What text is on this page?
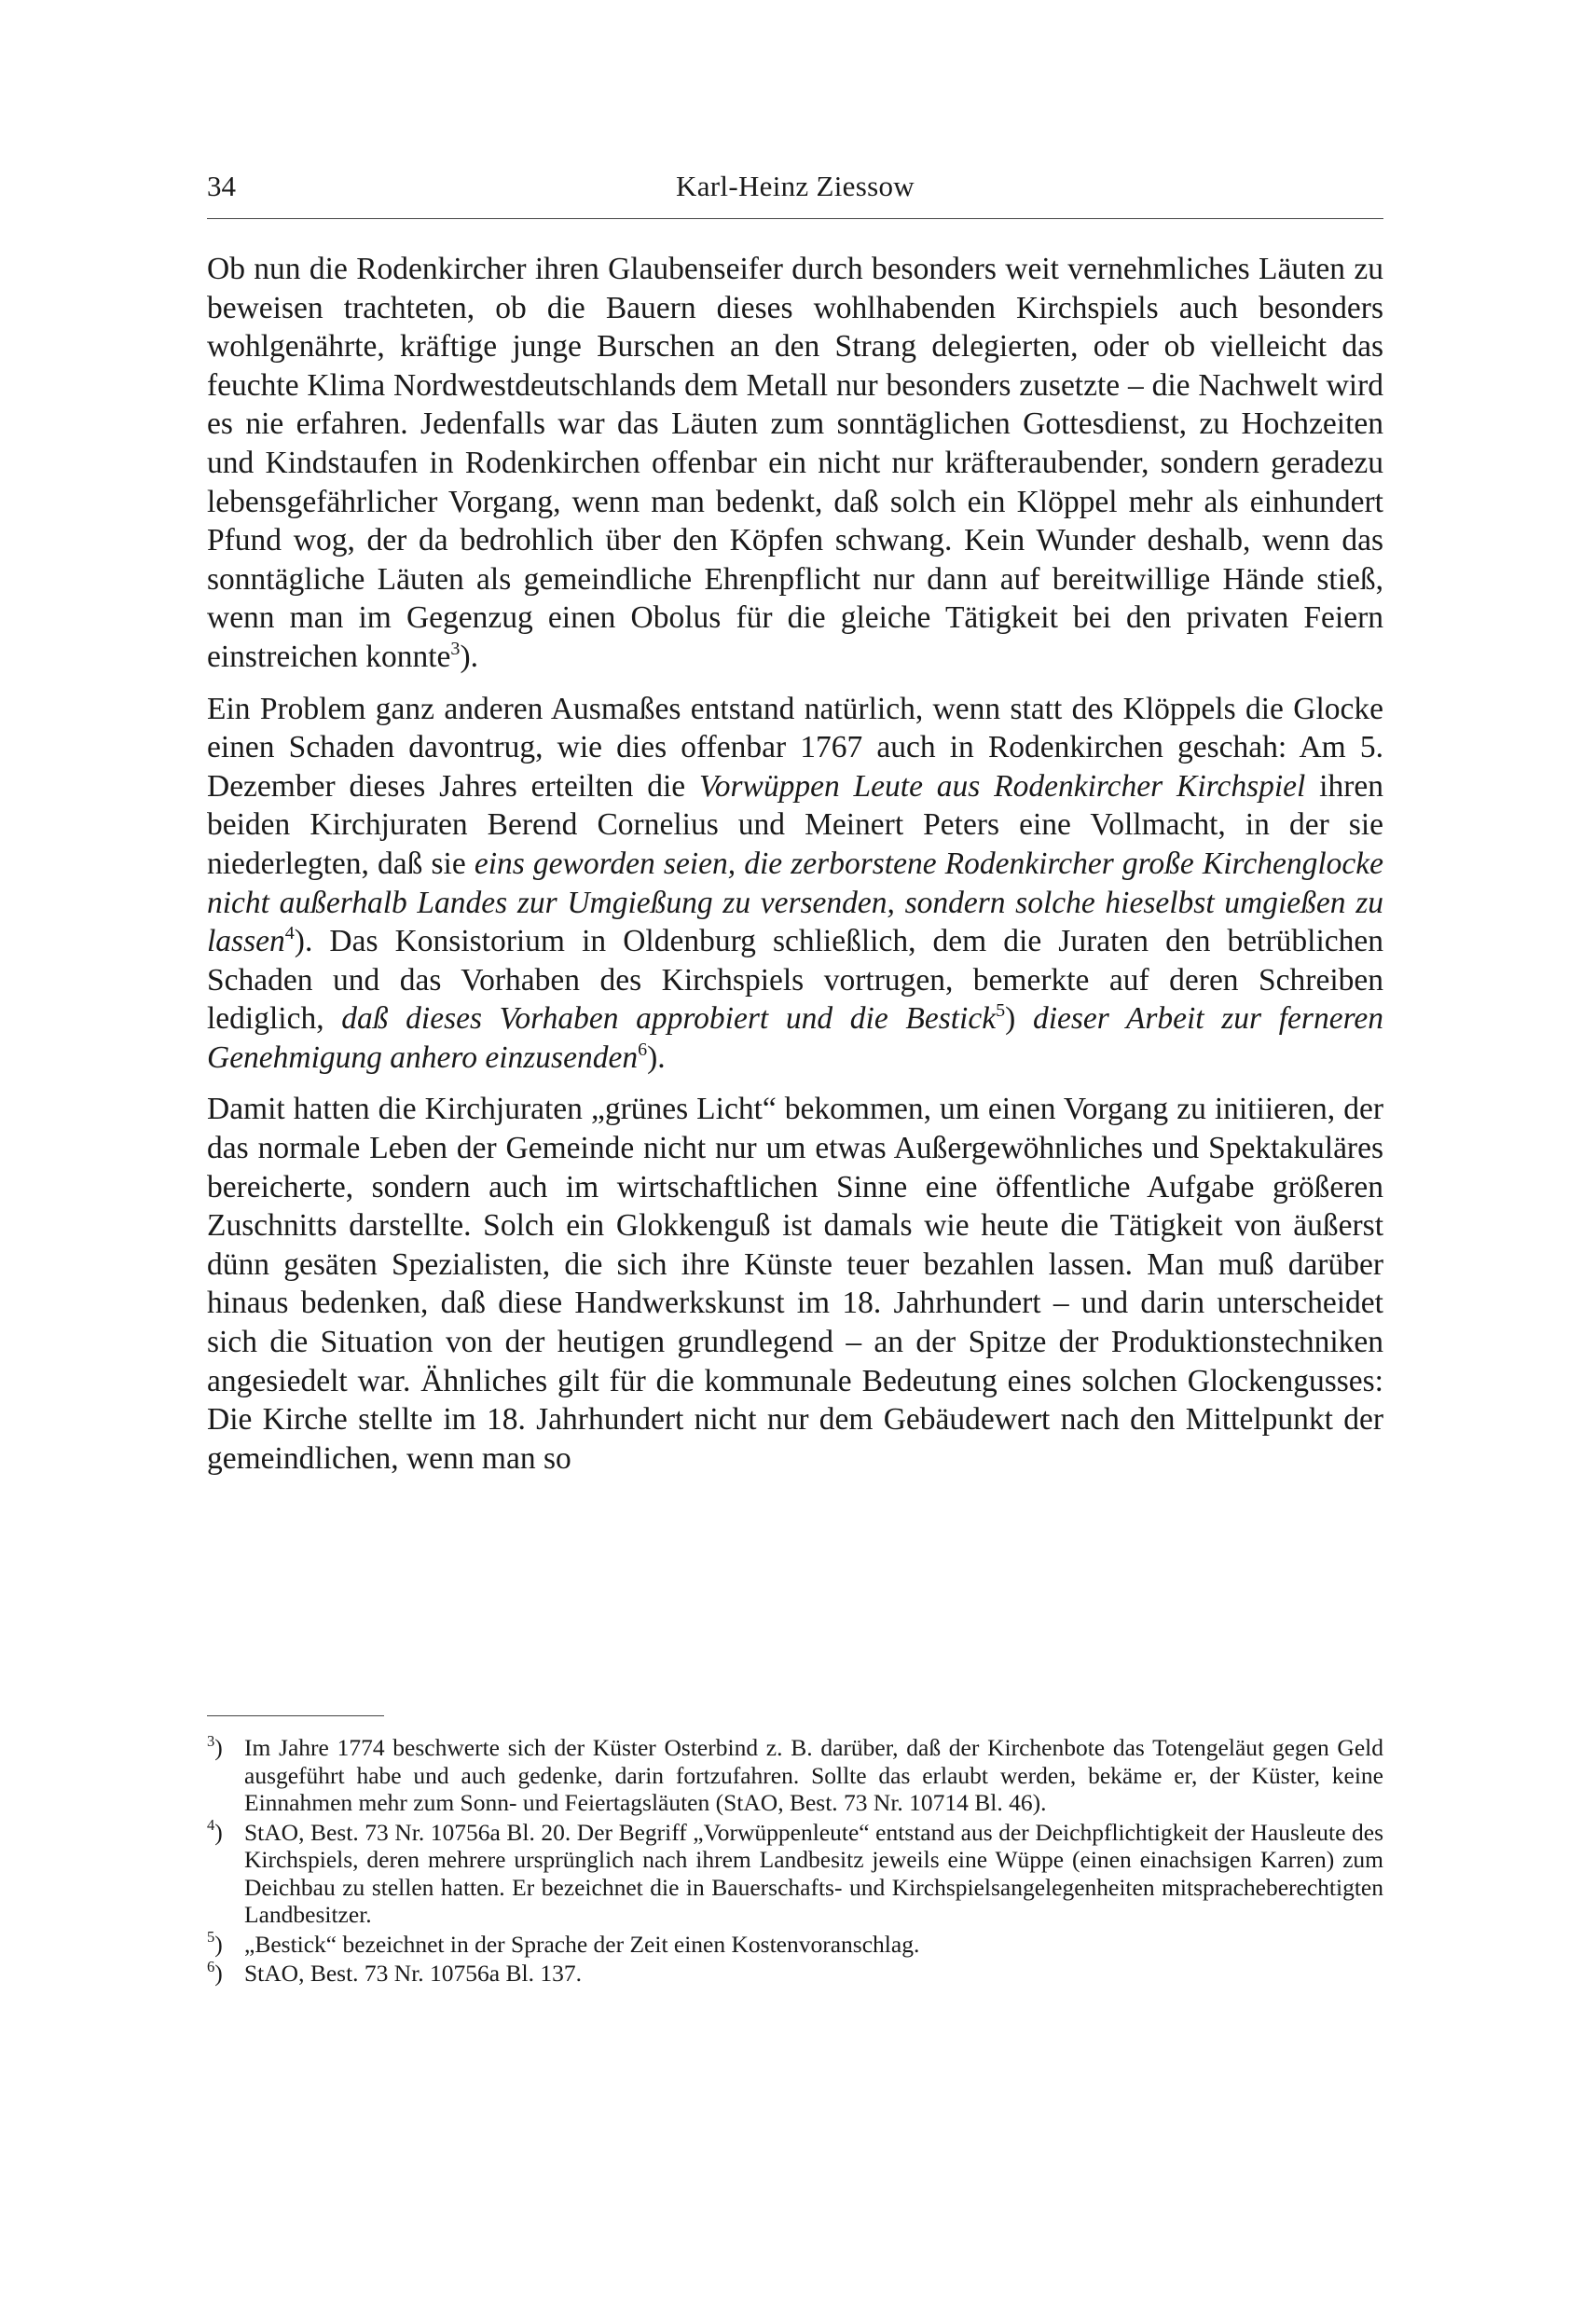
34	Karl-Heinz Ziessow

Ob nun die Rodenkircher ihren Glaubenseifer durch besonders weit vernehmliches Läuten zu beweisen trachteten, ob die Bauern dieses wohlhabenden Kirchspiels auch besonders wohlgenährte, kräftige junge Burschen an den Strang delegierten, oder ob vielleicht das feuchte Klima Nordwestdeutschlands dem Metall nur besonders zusetzte – die Nachwelt wird es nie erfahren. Jedenfalls war das Läuten zum sonntäglichen Gottesdienst, zu Hochzeiten und Kindstaufen in Rodenkirchen offenbar ein nicht nur kräfteraubender, sondern geradezu lebensgefährlicher Vorgang, wenn man bedenkt, daß solch ein Klöppel mehr als einhundert Pfund wog, der da bedrohlich über den Köpfen schwang. Kein Wunder deshalb, wenn das sonntägliche Läuten als gemeindliche Ehrenpflicht nur dann auf bereitwillige Hände stieß, wenn man im Gegenzug einen Obolus für die gleiche Tätigkeit bei den privaten Feiern einstreichen konnte$^3$).

Ein Problem ganz anderen Ausmaßes entstand natürlich, wenn statt des Klöppels die Glocke einen Schaden davontrug, wie dies offenbar 1767 auch in Rodenkirchen geschah: Am 5. Dezember dieses Jahres erteilten die Vorwüppen Leute aus Rodenkircher Kirchspiel ihren beiden Kirchjuraten Berend Cornelius und Meinert Peters eine Vollmacht, in der sie niederlegten, daß sie eins geworden seien, die zerborstene Rodenkircher große Kirchenglocke nicht außerhalb Landes zur Umgießung zu versenden, sondern solche hieselbst umgießen zu lassen$^4$). Das Konsistorium in Oldenburg schließlich, dem die Juraten den betrüblichen Schaden und das Vorhaben des Kirchspiels vortrugen, bemerkte auf deren Schreiben lediglich, daß dieses Vorhaben approbiert und die Bestick$^5$) dieser Arbeit zur ferneren Genehmigung anhero einzusenden$^6$).

Damit hatten die Kirchjuraten „grünes Licht“ bekommen, um einen Vorgang zu initiieren, der das normale Leben der Gemeinde nicht nur um etwas Außergewöhnliches und Spektakuläres bereicherte, sondern auch im wirtschaftlichen Sinne eine öffentliche Aufgabe größeren Zuschnitts darstellte. Solch ein Glokkenguß ist damals wie heute die Tätigkeit von äußerst dünn gesäten Spezialisten, die sich ihre Künste teuer bezahlen lassen. Man muß darüber hinaus bedenken, daß diese Handwerkskunst im 18. Jahrhundert – und darin unterscheidet sich die Situation von der heutigen grundlegend – an der Spitze der Produktionstechniken angesiedelt war. Ähnliches gilt für die kommunale Bedeutung eines solchen Glockengusses: Die Kirche stellte im 18. Jahrhundert nicht nur dem Gebäudewert nach den Mittelpunkt der gemeindlichen, wenn man so

$^3$) Im Jahre 1774 beschwerte sich der Küster Osterbind z. B. darüber, daß der Kirchenbote das Totengeläut gegen Geld ausgeführt habe und auch gedenke, darin fortzufahren. Sollte das erlaubt werden, bekäme er, der Küster, keine Einnahmen mehr zum Sonn- und Feiertagsläuten (StAO, Best. 73 Nr. 10714 Bl. 46).
$^4$) StAO, Best. 73 Nr. 10756a Bl. 20. Der Begriff „Vorwüppenleute“ entstand aus der Deichpflichtigkeit der Hausleute des Kirchspiels, deren mehrere ursprünglich nach ihrem Landbesitz jeweils eine Wüppe (einen einachsigen Karren) zum Deichbau zu stellen hatten. Er bezeichnet die in Bauerschafts- und Kirchspielsangelegenheiten mitspracheberechtigten Landbesitzer.
$^5$) „Bestick“ bezeichnet in der Sprache der Zeit einen Kostenvoranschlag.
$^6$) StAO, Best. 73 Nr. 10756a Bl. 137.
